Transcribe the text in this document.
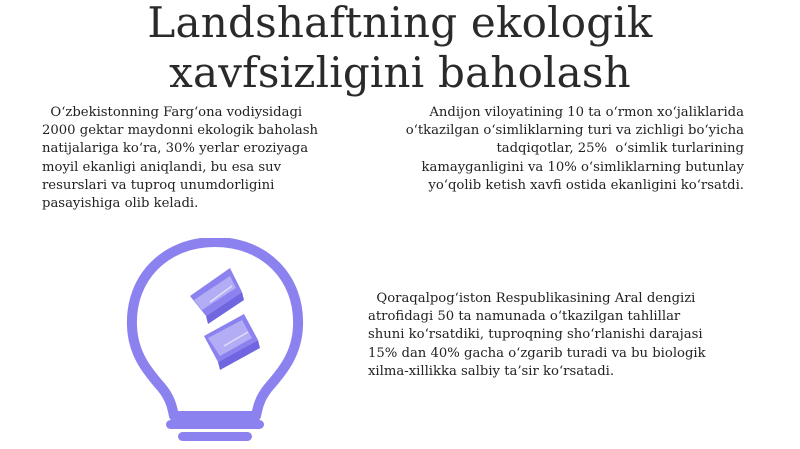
Landshaftning ekologik
xavfsizligini baholash
O‘zbekistonning Farg‘ona vodiysidagi
2000 gektar maydonni ekologik baholash
natijalariga ko‘ra, 30% yerlar eroziyaga
moyil ekanligi aniqlandi, bu esa suv
resurslari va tuproq unumdorligini
pasayishiga olib keladi.
Andijon viloyatining 10 ta o‘rmon xo‘jaliklarida
o‘tkazilgan o‘simliklarning turi va zichligi bo‘yicha
tadqiqotlar, 25%  o‘simlik turlarining
kamayganligini va 10% o‘simliklarning butunlay
yo‘qolib ketish xavfi ostida ekanligini ko‘rsatdi.
Qoraqalpog‘iston Respublikasining Aral dengizi
atrofidagi 50 ta namunada o‘tkazilgan tahlillar
shuni ko‘rsatdiki, tuproqning sho‘rlanishi darajasi
15% dan 40% gacha o‘zgarib turadi va bu biologik
xilma-xillikka salbiy ta’sir ko‘rsatadi.
